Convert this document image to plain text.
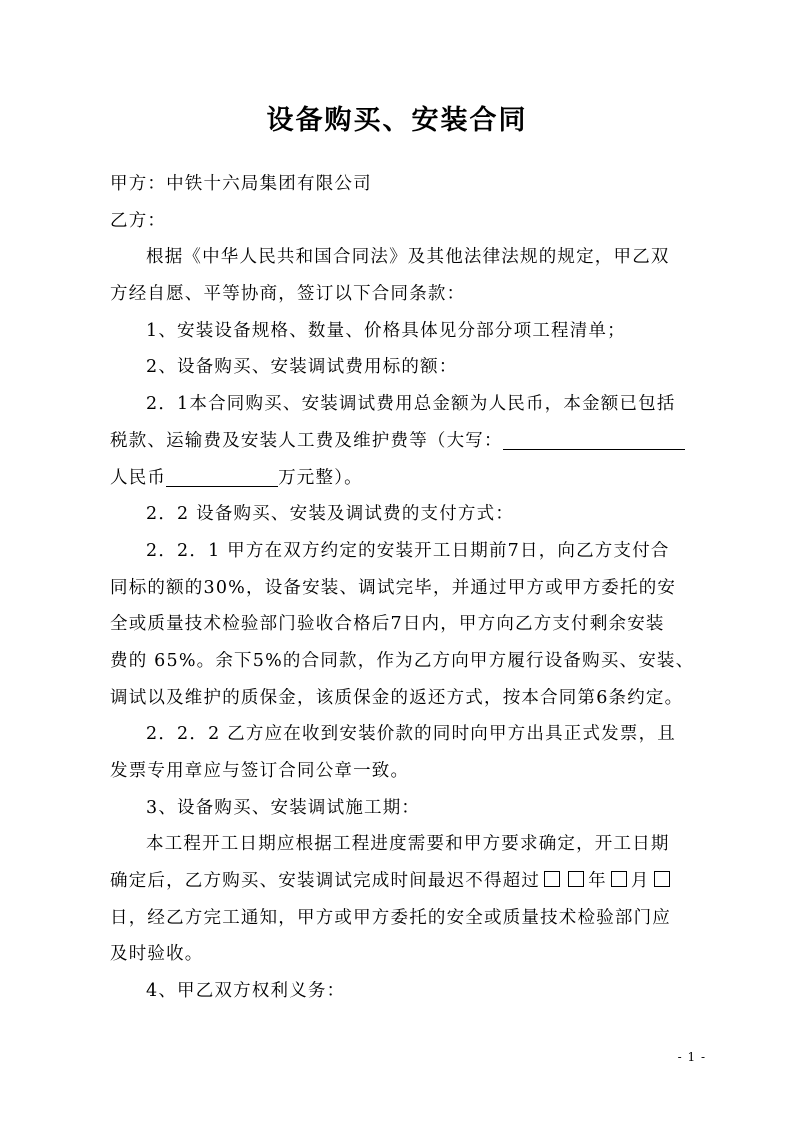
设备购买、安装合同
甲方：中铁十六局集团有限公司
乙方：
根据《中华人民共和国合同法》及其他法律法规的规定，甲乙双
方经自愿、平等协商，签订以下合同条款：
1、安装设备规格、数量、价格具体见分部分项工程清单；
2、设备购买、安装调试费用标的额：
2．1本合同购买、安装调试费用总金额为人民币，本金额已包括
税款、运输费及安装人工费及维护费等（大写：
人民币	万元整）。
2．2 设备购买、安装及调试费的支付方式：
2．2．1 甲方在双方约定的安装开工日期前7日，向乙方支付合
同标的额的30%，设备安装、调试完毕，并通过甲方或甲方委托的安
全或质量技术检验部门验收合格后7日内，甲方向乙方支付剩余安装
费的 65%。余下5%的合同款，作为乙方向甲方履行设备购买、安装、
调试以及维护的质保金，该质保金的返还方式，按本合同第6条约定。
2．2．2 乙方应在收到安装价款的同时向甲方出具正式发票，且
发票专用章应与签订合同公章一致。
3、设备购买、安装调试施工期：
本工程开工日期应根据工程进度需要和甲方要求确定，开工日期
确定后，乙方购买、安装调试完成时间最迟不得超过	年 月
日，经乙方完工通知，甲方或甲方委托的安全或质量技术检验部门应
及时验收。
4、甲乙双方权利义务：
- 1 -
